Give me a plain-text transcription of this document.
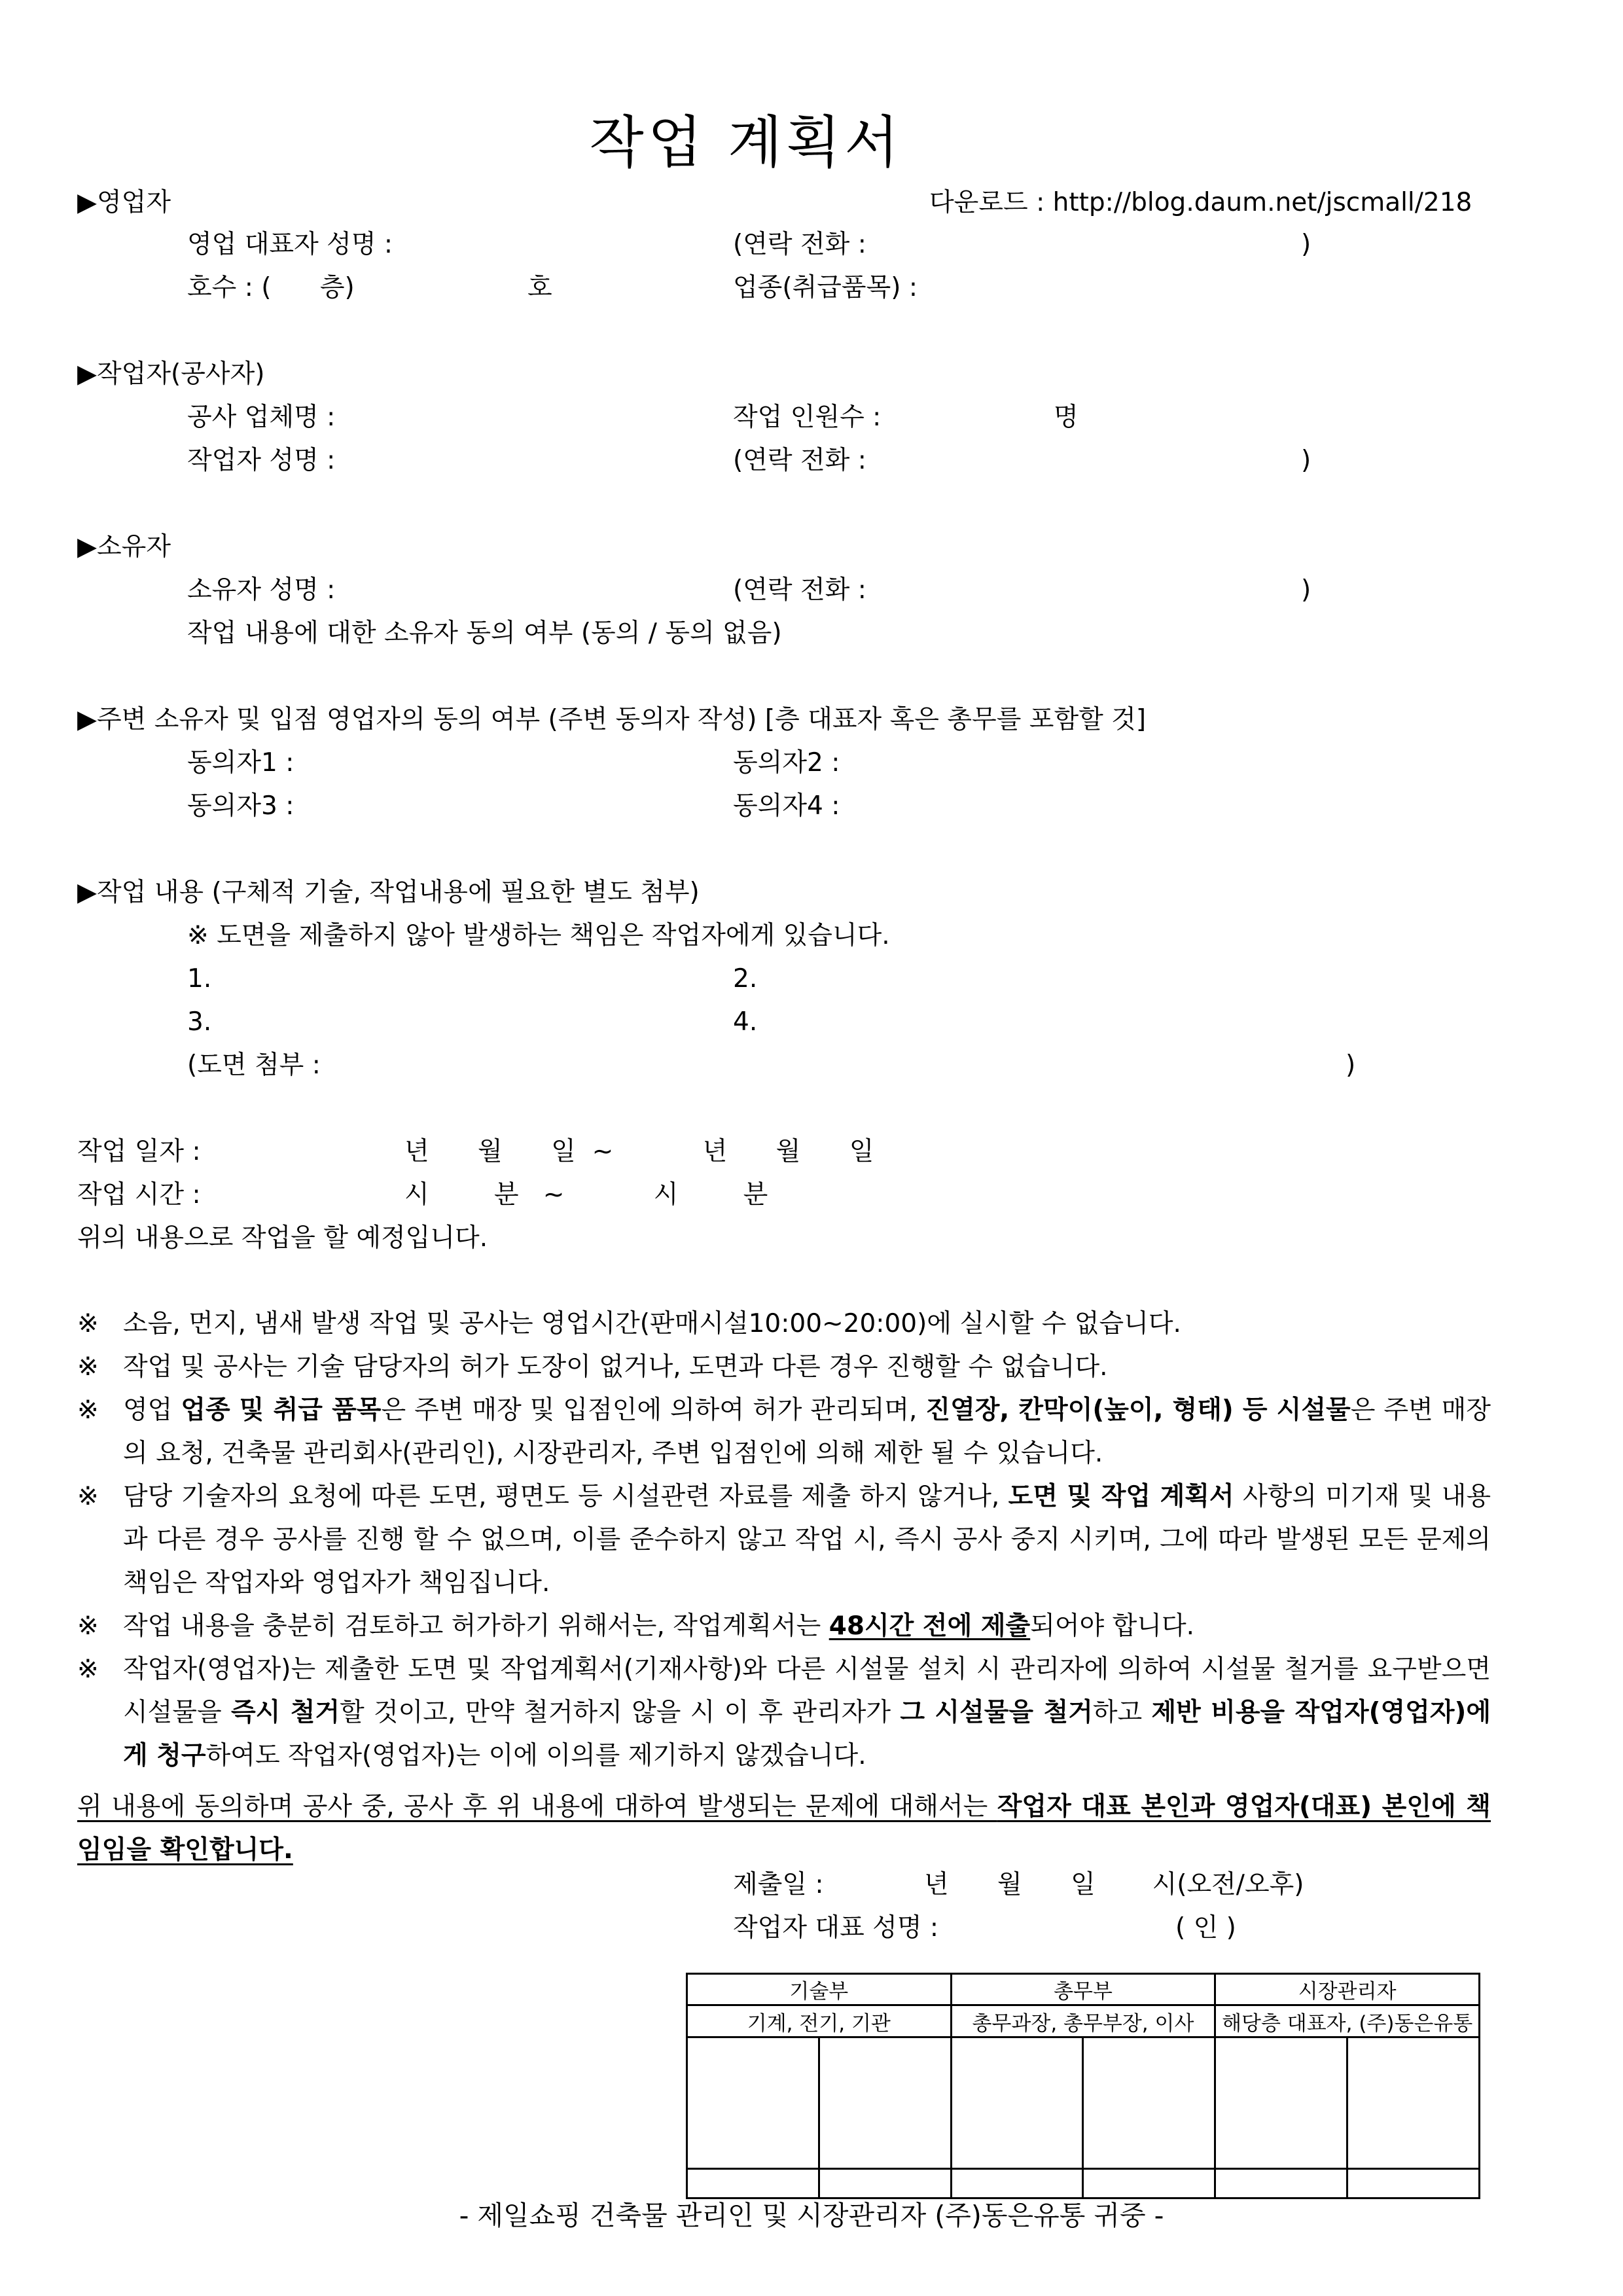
작업 계획서
다운로드 : http://blog.daum.net/jscmall/218
▶영업자
영업 대표자 성명 :	(연락 전화 :	)
호수 : (      층)	호	업종(취급품목) :
▶작업자(공사자)
공사 업체명 :	작업 인원수 :	명
작업자 성명 :	(연락 전화 :	)
▶소유자
소유자 성명 :	(연락 전화 :	)
작업 내용에 대한 소유자 동의 여부 (동의 / 동의 없음)
▶주변 소유자 및 입점 영업자의 동의 여부 (주변 동의자 작성) [층 대표자 혹은 총무를 포함할 것]
동의자1 :	동의자2 :
동의자3 :	동의자4 :
▶작업 내용 (구체적 기술, 작업내용에 필요한 별도 첨부)
※ 도면을 제출하지 않아 발생하는 책임은 작업자에게 있습니다.
1.	2.
3.	4.
(도면 첨부 :	)
작업 일자 :	년      월      일  ~           년      월      일
작업 시간 :	시        분   ~           시        분
위의 내용으로 작업을 할 예정입니다.
※ 소음, 먼지, 냄새 발생 작업 및 공사는 영업시간(판매시설10:00~20:00)에 실시할 수 없습니다.
※ 작업 및 공사는 기술 담당자의 허가 도장이 없거나, 도면과 다른 경우 진행할 수 없습니다.
※ 영업 업종 및 취급 품목은 주변 매장 및 입점인에 의하여 허가 관리되며, 진열장, 칸막이(높이, 형태) 등 시설물은 주변 매장의 요청, 건축물 관리회사(관리인), 시장관리자, 주변 입점인에 의해 제한 될 수 있습니다.
※ 담당 기술자의 요청에 따른 도면, 평면도 등 시설관련 자료를 제출 하지 않거나, 도면 및 작업 계획서 사항의 미기재 및 내용과 다른 경우 공사를 진행 할 수 없으며, 이를 준수하지 않고 작업 시, 즉시 공사 중지 시키며, 그에 따라 발생된 모든 문제의 책임은 작업자와 영업자가 책임집니다.
※ 작업 내용을 충분히 검토하고 허가하기 위해서는, 작업계획서는 48시간 전에 제출되어야 합니다.
※ 작업자(영업자)는 제출한 도면 및 작업계획서(기재사항)와 다른 시설물 설치 시 관리자에 의하여 시설물 철거를 요구받으면 시설물을 즉시 철거할 것이고, 만약 철거하지 않을 시 이 후 관리자가 그 시설물을 철거하고 제반 비용을 작업자(영업자)에게 청구하여도 작업자(영업자)는 이에 이의를 제기하지 않겠습니다.
위 내용에 동의하며 공사 중, 공사 후 위 내용에 대하여 발생되는 문제에 대해서는 작업자 대표 본인과 영업자(대표) 본인에 책임임을 확인합니다.
제출일 :	년      월      일       시(오전/오후)
작업자 대표 성명 :	( 인 )
기술부		총무부		시장관리자	
기계, 전기, 기관		총무과장, 총무부장, 이사		해당층 대표자, (주)동은유통	

- 제일쇼핑 건축물 관리인 및 시장관리자 (주)동은유통 귀중 -
